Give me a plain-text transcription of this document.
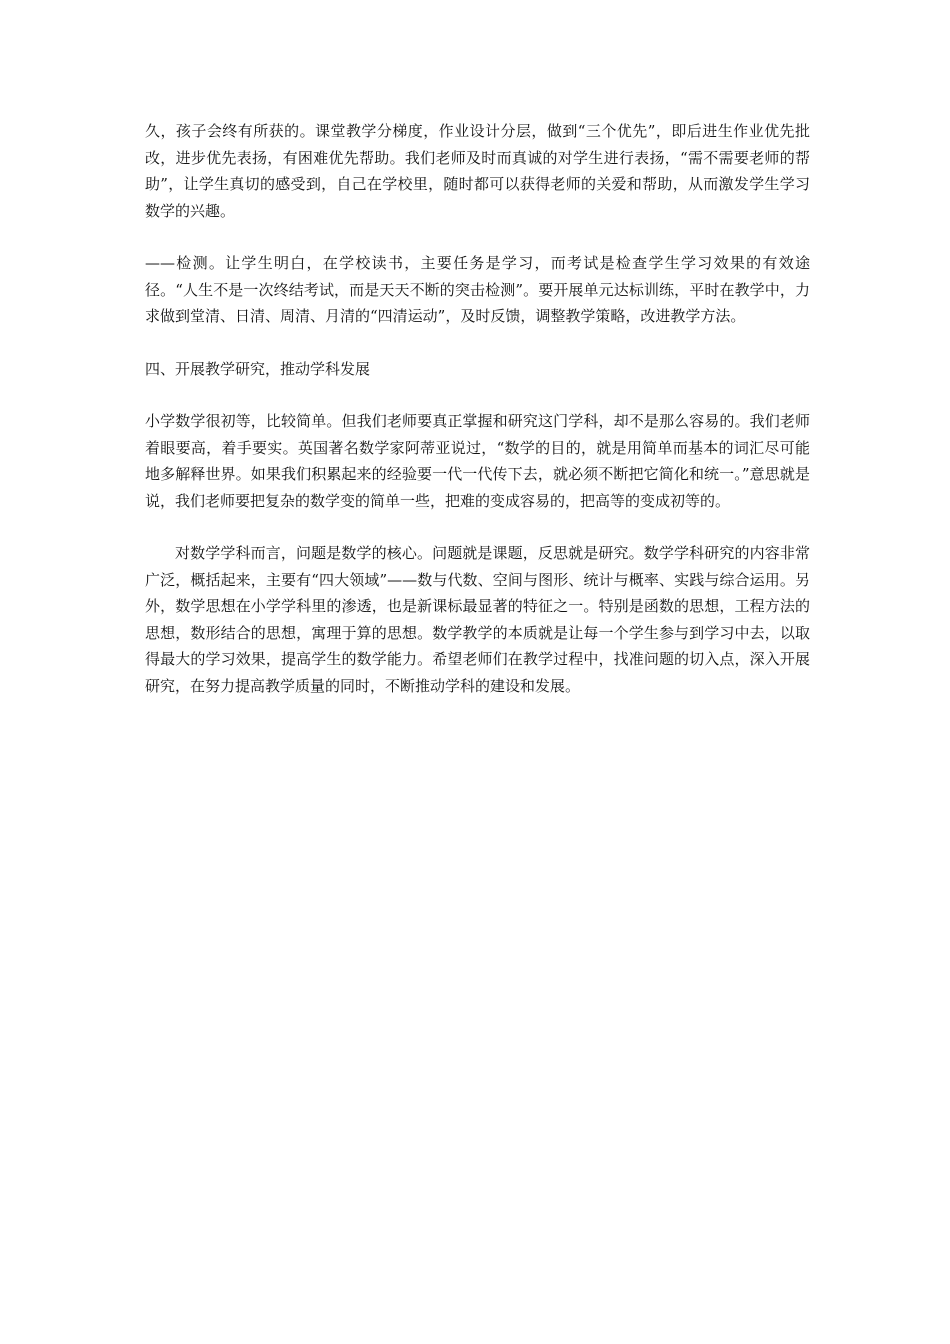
久，孩子会终有所获的。课堂教学分梯度，作业设计分层，做到“三个优先”，即后进生作业优先批改，进步优先表扬，有困难优先帮助。我们老师及时而真诚的对学生进行表扬，“需不需要老师的帮助”，让学生真切的感受到，自己在学校里，随时都可以获得老师的关爱和帮助，从而激发学生学习数学的兴趣。

——检测。让学生明白，在学校读书，主要任务是学习，而考试是检查学生学习效果的有效途径。“人生不是一次终结考试，而是天天不断的突击检测”。要开展单元达标训练，平时在教学中，力求做到堂清、日清、周清、月清的“四清运动”，及时反馈，调整教学策略，改进教学方法。

四、开展教学研究，推动学科发展

小学数学很初等，比较简单。但我们老师要真正掌握和研究这门学科，却不是那么容易的。我们老师着眼要高，着手要实。英国著名数学家阿蒂亚说过，“数学的目的，就是用简单而基本的词汇尽可能地多解释世界。如果我们积累起来的经验要一代一代传下去，就必须不断把它简化和统一。”意思就是说，我们老师要把复杂的数学变的简单一些，把难的变成容易的，把高等的变成初等的。

对数学学科而言，问题是数学的核心。问题就是课题，反思就是研究。数学学科研究的内容非常广泛，概括起来，主要有“四大领域”——数与代数、空间与图形、统计与概率、实践与综合运用。另外，数学思想在小学学科里的渗透，也是新课标最显著的特征之一。特别是函数的思想，工程方法的思想，数形结合的思想，寓理于算的思想。数学教学的本质就是让每一个学生参与到学习中去，以取得最大的学习效果，提高学生的数学能力。希望老师们在教学过程中，找准问题的切入点，深入开展研究，在努力提高教学质量的同时，不断推动学科的建设和发展。
